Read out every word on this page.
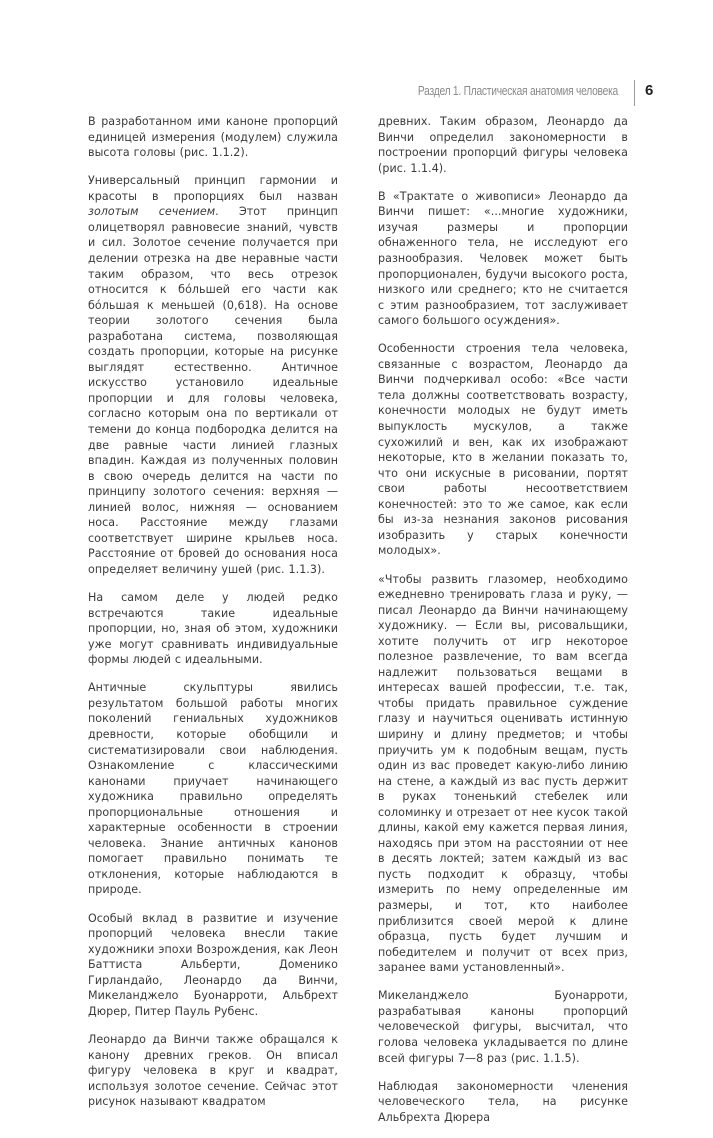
Раздел 1. Пластическая анатомия человека 6

В разработанном ими каноне пропорций единицей измерения (модулем) служила высота головы (рис. 1.1.2).

Универсальный принцип гармонии и красоты в пропорциях был назван золотым сечением. Этот принцип олицетворял равновесие знаний, чувств и сил. Золотое сечение получается при делении отрезка на две неравные части таким образом, что весь отрезок относится к бóльшей его части как бóльшая к меньшей (0,618). На основе теории золотого сечения была разработана система, позволяющая создать пропорции, которые на рисунке выглядят естественно. Античное искусство установило идеальные пропорции и для головы человека, согласно которым она по вертикали от темени до конца подбородка делится на две равные части линией глазных впадин. Каждая из полученных половин в свою очередь делится на части по принципу золотого сечения: верхняя — линией волос, нижняя — основанием носа. Расстояние между глазами соответствует ширине крыльев носа. Расстояние от бровей до основания носа определяет величину ушей (рис. 1.1.3).

На самом деле у людей редко встречаются такие идеальные пропорции, но, зная об этом, художники уже могут сравнивать индивидуальные формы людей с идеальными.

Античные скульптуры явились результатом большой работы многих поколений гениальных художников древности, которые обобщили и систематизировали свои наблюдения. Ознакомление с классическими канонами приучает начинающего художника правильно определять пропорциональные отношения и характерные особенности в строении человека. Знание античных канонов помогает правильно понимать те отклонения, которые наблюдаются в природе.

Особый вклад в развитие и изучение пропорций человека внесли такие художники эпохи Возрождения, как Леон Баттиста Альберти, Доменико Гирландайо, Леонардо да Винчи, Микеланджело Буонарроти, Альбрехт Дюрер, Питер Пауль Рубенс.

Леонардо да Винчи также обращался к канону древних греков. Он вписал фигуру человека в круг и квадрат, используя золотое сечение. Сейчас этот рисунок называют квадратом

древних. Таким образом, Леонардо да Винчи определил закономерности в построении пропорций фигуры человека (рис. 1.1.4).

В «Трактате о живописи» Леонардо да Винчи пишет: «...многие художники, изучая размеры и пропорции обнаженного тела, не исследуют его разнообразия. Человек может быть пропорционален, будучи высокого роста, низкого или среднего; кто не считается с этим разнообразием, тот заслуживает самого большого осуждения».

Особенности строения тела человека, связанные с возрастом, Леонардо да Винчи подчеркивал особо: «Все части тела должны соответствовать возрасту, конечности молодых не будут иметь выпуклость мускулов, а также сухожилий и вен, как их изображают некоторые, кто в желании показать то, что они искусные в рисовании, портят свои работы несоответствием конечностей: это то же самое, как если бы из-за незнания законов рисования изобразить у старых конечности молодых».

«Чтобы развить глазомер, необходимо ежедневно тренировать глаза и руку, — писал Леонардо да Винчи начинающему художнику. — Если вы, рисовальщики, хотите получить от игр некоторое полезное развлечение, то вам всегда надлежит пользоваться вещами в интересах вашей профессии, т.е. так, чтобы придать правильное суждение глазу и научиться оценивать истинную ширину и длину предметов; и чтобы приучить ум к подобным вещам, пусть один из вас проведет какую-либо линию на стене, а каждый из вас пусть держит в руках тоненький стебелек или соломинку и отрезает от нее кусок такой длины, какой ему кажется первая линия, находясь при этом на расстоянии от нее в десять локтей; затем каждый из вас пусть подходит к образцу, чтобы измерить по нему определенные им размеры, и тот, кто наиболее приблизится своей мерой к длине образца, пусть будет лучшим и победителем и получит от всех приз, заранее вами установленный».

Микеланджело Буонарроти, разрабатывая каноны пропорций человеческой фигуры, высчитал, что голова человека укладывается по длине всей фигуры 7—8 раз (рис. 1.1.5).

Наблюдая закономерности членения человеческого тела, на рисунке Альбрехта Дюрера
